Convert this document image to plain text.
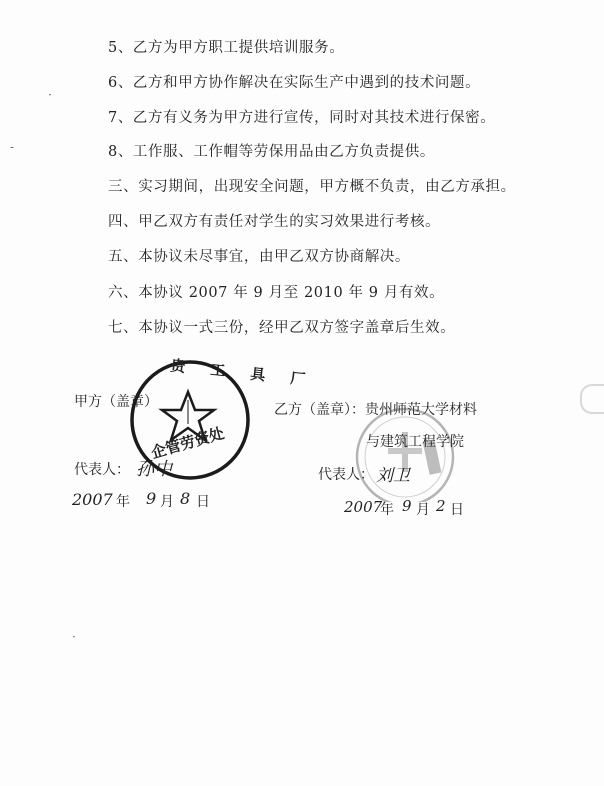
·
-
·
5、乙方为甲方职工提供培训服务。
6、乙方和甲方协作解决在实际生产中遇到的技术问题。
7、乙方有义务为甲方进行宣传，同时对其技术进行保密。
8、工作服、工作帽等劳保用品由乙方负责提供。
三、实习期间，出现安全问题，甲方概不负责，由乙方承担。
四、甲乙双方有责任对学生的实习效果进行考核。
五、本协议未尽事宜，由甲乙双方协商解决。
六、本协议 2007 年 9 月至 2010 年 9 月有效。
七、本协议一式三份，经甲乙双方签字盖章后生效。
贵 工 具 厂
企管劳资处
甲方（盖章）
代表人： 孙中
2007 年 9 月 8 日
乙方（盖章）：贵州师范大学材料
与建筑工程学院
代表人： 刘卫
2007
年 9 月 2 日
